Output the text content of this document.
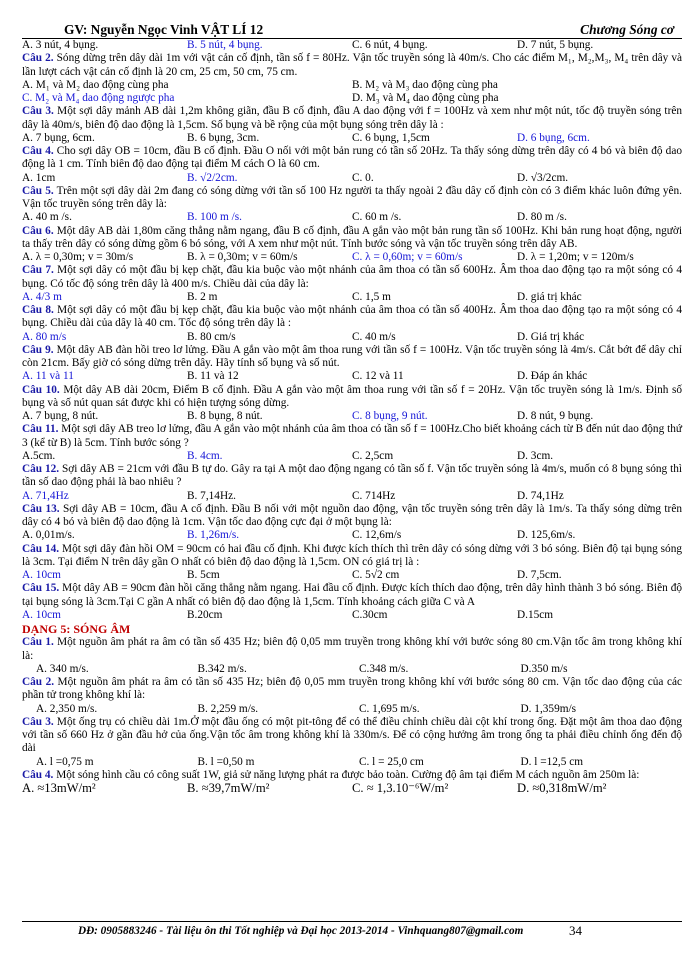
GV: Nguyễn Ngọc Vinh VẬT LÍ 12	Chương Sóng cơ
A. 3 nút, 4 bụng.	B. 5 nút, 4 bụng.	C. 6 nút, 4 bụng.	D. 7 nút, 5 bụng.

Câu 2. Sóng dừng trên dây dài 1m với vật cản cố định, tần số f = 80Hz. Vận tốc truyền sóng là 40m/s. Cho các điểm M₁, M₂,M₃, M₄ trên dây và lần lượt cách vật cản cố định là 20 cm, 25 cm, 50 cm, 75 cm.

A. M₁ và M₂ dao động cùng pha	B. M₂ và M₃ dao động cùng pha
C. M₂ và M₄ dao động ngược pha	D. M₃ và M₄ dao động cùng pha

Câu 3. Một sợi dây mảnh AB dài 1,2m không giãn, đầu B cố định, đầu A dao động với f = 100Hz và xem như một nút, tốc độ truyền sóng trên dây là 40m/s, biên độ dao động là 1,5cm. Số bụng và bề rộng của một bụng sóng trên dây là :

A. 7 bụng, 6cm.	B. 6 bụng, 3cm.	C. 6 bụng, 1,5cm	D. 6 bụng, 6cm.

Câu 4. Cho sợi dây OB = 10cm, đầu B cố định. Đầu O nối với một bản rung có tần số 20Hz. Ta thấy sóng dừng trên dây có 4 bó và biên độ dao động là 1 cm. Tính biên độ dao động tại điểm M cách O là 60 cm.

A. 1cm	B. √2/2cm.	C. 0.	D. √3/2cm.

Câu 5. Trên một sợi dây dài 2m đang có sóng dừng với tần số 100 Hz người ta thấy ngoài 2 đầu dây cố định còn có 3 điểm khác luôn đứng yên. Vận tốc truyền sóng trên dây là:

A. 40 m /s.	B. 100 m /s.	C. 60 m /s.	D. 80 m /s.

Câu 6. Một dây AB dài 1,80m căng thẳng nằm ngang, đầu B cố định, đầu A gắn vào một bản rung tần số 100Hz. Khi bản rung hoạt động, người ta thấy trên dây có sóng dừng gồm 6 bó sóng, với A xem như một nút. Tính bước sóng và vận tốc truyền sóng trên dây AB.

A. λ = 0,30m; v = 30m/s	B. λ = 0,30m; v = 60m/s	C. λ = 0,60m; v = 60m/s	D. λ = 1,20m; v = 120m/s

Câu 7. Một sợi dây có một đầu bị kẹp chặt, đầu kia buộc vào một nhánh của âm thoa có tần số 600Hz. Âm thoa dao động tạo ra một sóng có 4 bụng. Có tốc độ sóng trên dây là 400 m/s. Chiều dài của dây là:

A. 4/3 m	B. 2 m	C. 1,5 m	D. giá trị khác

Câu 8. Một sợi dây có một đầu bị kẹp chặt, đầu kia buộc vào một nhánh của âm thoa có tần số 400Hz. Âm thoa dao động tạo ra một sóng có 4 bụng. Chiều dài của dây là 40 cm. Tốc độ sóng trên dây là :

A. 80 m/s	B. 80 cm/s	C. 40 m/s	D. Giá trị khác

Câu 9. Một dây AB đàn hồi treo lơ lửng. Đầu A gắn vào một âm thoa rung với tần số f = 100Hz. Vận tốc truyền sóng là 4m/s. Cắt bớt để dây chỉ còn 21cm. Bấy giờ có sóng dừng trên dây. Hãy tính số bụng và số nút.

A. 11 và 11	B. 11 và 12	C. 12 và 11	D. Đáp án khác

Câu 10. Một dây AB dài 20cm, Điểm B cố định. Đầu A gắn vào một âm thoa rung với tần số f = 20Hz. Vận tốc truyền sóng là 1m/s. Định số bụng và số nút quan sát được khi có hiện tượng sóng dừng.

A. 7 bụng, 8 nút.	B. 8 bụng, 8 nút.	C. 8 bụng, 9 nút.	D. 8 nút, 9 bụng.

Câu 11. Một sợi dây AB treo lơ lửng, đầu A gắn vào một nhánh của âm thoa có tần số f = 100Hz.Cho biết khoảng cách từ B đến nút dao động thứ 3 (kể từ B) là 5cm. Tính bước sóng ?

A.5cm.	B. 4cm.	C. 2,5cm	D. 3cm.

Câu 12. Sợi dây AB = 21cm với đầu B tự do. Gây ra tại A một dao động ngang có tần số f. Vận tốc truyền sóng là 4m/s, muốn có 8 bụng sóng thì tần số dao động phải là bao nhiêu ?

A. 71,4Hz	B. 7,14Hz.	C. 714Hz	D. 74,1Hz

Câu 13. Sợi dây AB = 10cm, đầu A cố định. Đầu B nối với một nguồn dao động, vận tốc truyền sóng trên dây là 1m/s. Ta thấy sóng dừng trên dây có 4 bó và biên độ dao động là 1cm. Vận tốc dao động cực đại ở một bụng là:

A. 0,01m/s.	B. 1,26m/s.	C. 12,6m/s	D. 125,6m/s.

Câu 14. Một sợi dây đàn hồi OM = 90cm có hai đầu cố định. Khi được kích thích thì trên dây có sóng dừng với 3 bó sóng. Biên độ tại bụng sóng là 3cm. Tại điểm N trên dây gần O nhất có biên độ dao động là 1,5cm. ON có giá trị là :

A. 10cm	B. 5cm	C. 5√2 cm	D. 7,5cm.

Câu 15. Một dây AB = 90cm đàn hồi căng thẳng nằm ngang. Hai đầu cố định. Được kích thích dao động, trên dây hình thành 3 bó sóng. Biên độ tại bụng sóng là 3cm.Tại C gần A nhất có biên độ dao động là 1,5cm. Tính khoảng cách giữa C và A

A. 10cm	B.20cm	C.30cm	D.15cm
DẠNG 5: SÓNG ÂM

Câu 1. Một nguồn âm phát ra âm có tần số 435 Hz; biên độ 0,05 mm truyền trong không khí với bước sóng 80 cm.Vận tốc âm trong không khí là:

A. 340 m/s.	B.342 m/s.	C.348 m/s.	D.350 m/s

Câu 2. Một nguồn âm phát ra âm có tần số 435 Hz; biên độ 0,05 mm truyền trong không khí với bước sóng 80 cm. Vận tốc dao động của các phần tử trong không khí là:

A. 2,350 m/s.	B. 2,259 m/s.	C. 1,695 m/s.	D. 1,359m/s

Câu 3. Một ống trụ có chiều dài 1m.Ở một đầu ống có một pit-tông để có thể điều chỉnh chiều dài cột khí trong ống. Đặt một âm thoa dao động với tần số 660 Hz ở gần đầu hở của ống.Vận tốc âm trong không khí là 330m/s. Để có cộng hưởng âm trong ống ta phải điều chỉnh ống đến độ dài

A. l =0,75 m	B. l =0,50 m	C. l = 25,0 cm	D. l =12,5 cm

Câu 4. Một sóng hình cầu có công suất 1W, giả sử năng lượng phát ra được bảo toàn. Cường độ âm tại điểm M cách nguồn âm 250m là:

A. ≈13mW/m²	B. ≈39,7mW/m²	C. ≈ 1,3.10⁻⁶W/m²	D. ≈0,318mW/m²
DĐ: 0905883246 - Tài liệu ôn thi Tốt nghiệp và Đại học 2013-2014 - Vinhquang807@gmail.com	34
